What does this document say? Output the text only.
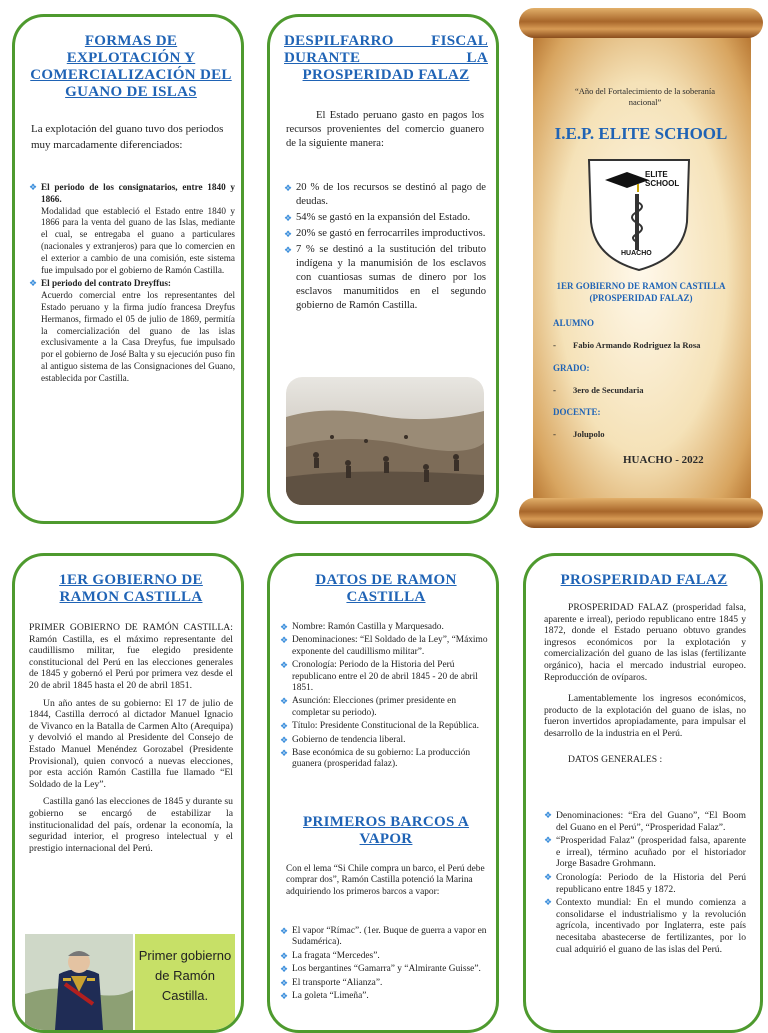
FORMAS DE EXPLOTACIÓN Y COMERCIALIZACIÓN DEL GUANO DE ISLAS
La explotación del guano tuvo dos periodos muy marcadamente diferenciados:
❖ El periodo de los consignatarios, entre 1840 y 1866.
Modalidad que estableció el Estado entre 1840 y 1866 para la venta del guano de las Islas, mediante el cual, se entregaba el guano a particulares (nacionales y extranjeros) para que lo comercien en el exterior a cambio de una comisión, este sistema fue impulsado por el gobierno de Ramón Castilla.
❖ El periodo del contrato Dreyffus:
Acuerdo comercial entre los representantes del Estado peruano y la firma judío francesa Dreyfus Hermanos, firmado el 05 de julio de 1869, permitía la comercialización del guano de las islas exclusivamente a la Casa Dreyfus, fue impulsado por el gobierno de José Balta y su ejecución puso fin al antiguo sistema de las Consignaciones del Guano, establecida por Castilla.
DESPILFARRO FISCAL DURANTE LA PROSPERIDAD FALAZ
El Estado peruano gasto en pagos los recursos provenientes del comercio guanero de la siguiente manera:
❖ 20 % de los recursos se destinó al pago de deudas.
❖ 54% se gastó en la expansión del Estado.
❖ 20% se gastó en ferrocarriles improductivos.
❖ 7 % se destinó a la sustitución del tributo indígena y la manumisión de los esclavos con cuantiosas sumas de dinero por los esclavos manumitidos en el segundo gobierno de Ramón Castilla.
“Año del Fortalecimiento de la soberanía nacional”
I.E.P. ELITE SCHOOL
ELITE
SCHOOL
HUACHO
1ER GOBIERNO DE RAMON CASTILLA (PROSPERIDAD FALAZ)
ALUMNO
- Fabio Armando Rodriguez la Rosa
GRADO:
- 3ero de Secundaria
DOCENTE:
- Jolupolo
HUACHO - 2022
1ER GOBIERNO DE RAMON CASTILLA

PRIMER GOBIERNO DE RAMÓN CASTILLA: Ramón Castilla, es el máximo representante del caudillismo militar, fue elegido presidente constitucional del Perú en las elecciones generales de 1845 y gobernó el Perú por primera vez desde el 20 de abril 1845 hasta el 20 de abril 1851.

Un año antes de su gobierno: El 17 de julio de 1844, Castilla derrocó al dictador Manuel Ignacio de Vivanco en la Batalla de Carmen Alto (Arequipa) y devolvió el mando al Presidente del Consejo de Estado Manuel Menéndez Gorozabel (Presidente Provisional), quien convocó a nuevas elecciones, por esta acción Ramón Castilla fue llamado “El Soldado de la Ley”.

Castilla ganó las elecciones de 1845 y durante su gobierno se encargó de estabilizar la institucionalidad del país, ordenar la economía, la seguridad interior, el progreso intelectual y el prestigio internacional del Perú.

Primer gobierno de Ramón Castilla.
DATOS DE RAMON CASTILLA
❖ Nombre: Ramón Castilla y Marquesado.
❖ Denominaciones: “El Soldado de la Ley”, “Máximo exponente del caudillismo militar”.
❖ Cronología: Periodo de la Historia del Perú republicano entre el 20 de abril 1845 - 20 de abril 1851.
❖ Asunción: Elecciones (primer presidente en completar su periodo).
❖ Título: Presidente Constitucional de la República.
❖ Gobierno de tendencia liberal.
❖ Base económica de su gobierno: La producción guanera (prosperidad falaz).
PRIMEROS BARCOS A VAPOR
Con el lema “Si Chile compra un barco, el Perú debe comprar dos”, Ramón Castilla potenció la Marina adquiriendo los primeros barcos a vapor:
❖ El vapor “Rímac”. (1er. Buque de guerra a vapor en Sudamérica).
❖ La fragata “Mercedes”.
❖ Los bergantines “Gamarra” y “Almirante Guisse”.
❖ El transporte “Alianza”.
❖ La goleta “Limeña”.
PROSPERIDAD FALAZ

PROSPERIDAD FALAZ (prosperidad falsa, aparente e irreal), periodo republicano entre 1845 y 1872, donde el Estado peruano obtuvo grandes ingresos económicos por la explotación y comercialización del guano de las islas (fertilizante orgánico), hacia el mercado industrial europeo. Reproducción de ovíparos.

Lamentablemente los ingresos económicos, producto de la explotación del guano de islas, no fueron invertidos apropiadamente, para impulsar el desarrollo de la industria en el Perú.

DATOS GENERALES :

❖ Denominaciones: “Era del Guano”, “El Boom del Guano en el Perú”, “Prosperidad Falaz”.
❖ “Prosperidad Falaz” (prosperidad falsa, aparente e irreal), término acuñado por el historiador Jorge Basadre Grohmann.
❖ Cronología: Periodo de la Historia del Perú republicano entre 1845 y 1872.
❖ Contexto mundial: En el mundo comienza a consolidarse el industrialismo y la revolución agrícola, incentivado por Inglaterra, este país necesitaba abastecerse de fertilizantes, por lo cual adquirió el guano de las islas del Perú.
